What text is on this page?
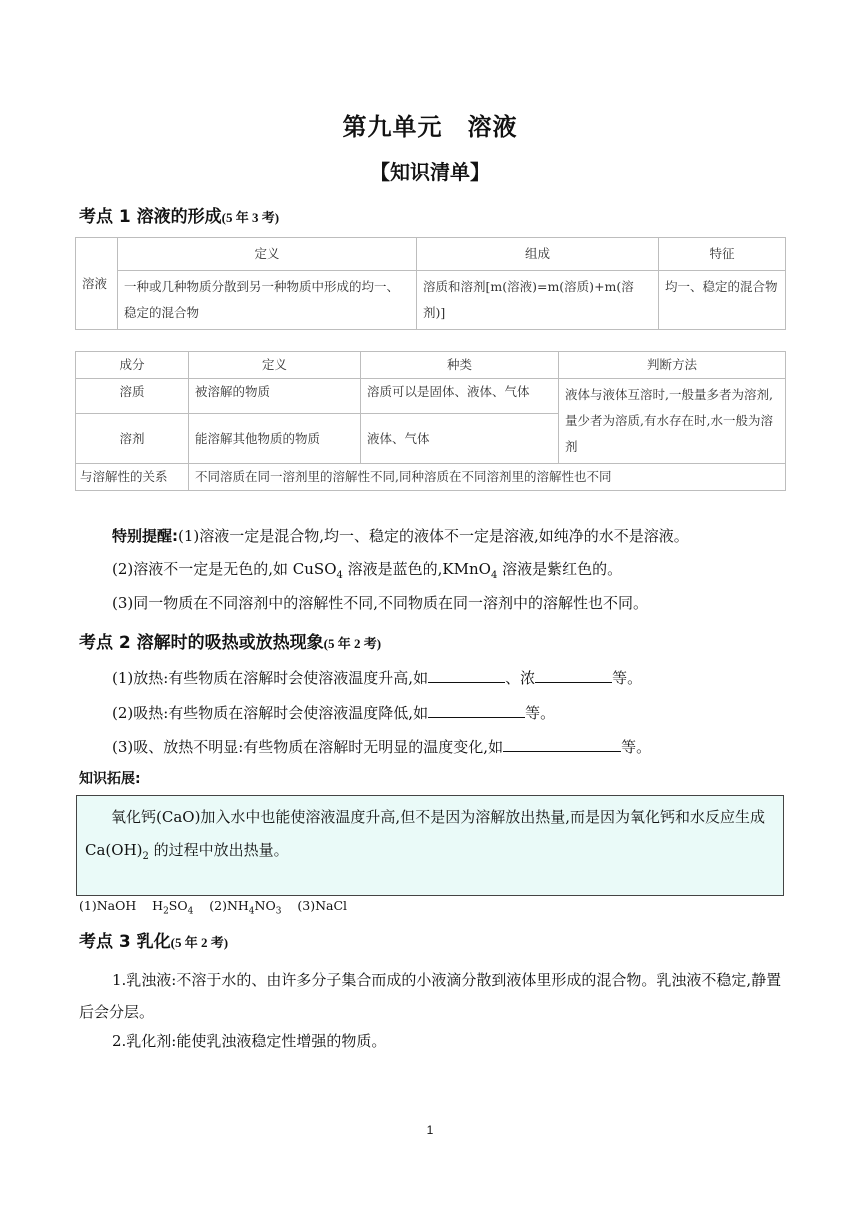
第九单元　溶液
【知识清单】
考点 1 溶液的形成(5 年 3 考)
溶液	定义	组成	特征
	一种或几种物质分散到另一种物质中形成的均一、稳定的混合物	溶质和溶剂[m(溶液)=m(溶质)+m(溶剂)]	均一、稳定的混合物
成分	定义	种类	判断方法
溶质	被溶解的物质	溶质可以是固体、液体、气体	液体与液体互溶时,一般量多者为溶剂,量少者为溶质,有水存在时,水一般为溶剂
溶剂	能溶解其他物质的物质	液体、气体	
与溶解性的关系	不同溶质在同一溶剂里的溶解性不同,同种溶质在不同溶剂里的溶解性也不同		
特别提醒:(1)溶液一定是混合物,均一、稳定的液体不一定是溶液,如纯净的水不是溶液。
(2)溶液不一定是无色的,如 CuSO$_4$ 溶液是蓝色的,KMnO$_4$ 溶液是紫红色的。
(3)同一物质在不同溶剂中的溶解性不同,不同物质在同一溶剂中的溶解性也不同。
考点 2 溶解时的吸热或放热现象(5 年 2 考)
(1)放热:有些物质在溶解时会使溶液温度升高,如	、浓	等。
(2)吸热:有些物质在溶解时会使溶液温度降低,如	等。
(3)吸、放热不明显:有些物质在溶解时无明显的温度变化,如	等。
知识拓展:
氧化钙(CaO)加入水中也能使溶液温度升高,但不是因为溶解放出热量,而是因为氧化钙和水反应生成 $Ca(OH)_2$ 的过程中放出热量。
(1)NaOH $H_2SO_4$ $(2)NH_4NO_3$ (3)NaCl
考点 3 乳化(5 年 2 考)
1.乳浊液:不溶于水的、由许多分子集合而成的小液滴分散到液体里形成的混合物。乳浊液不稳定,静置后会分层。
2.乳化剂:能使乳浊液稳定性增强的物质。
1
